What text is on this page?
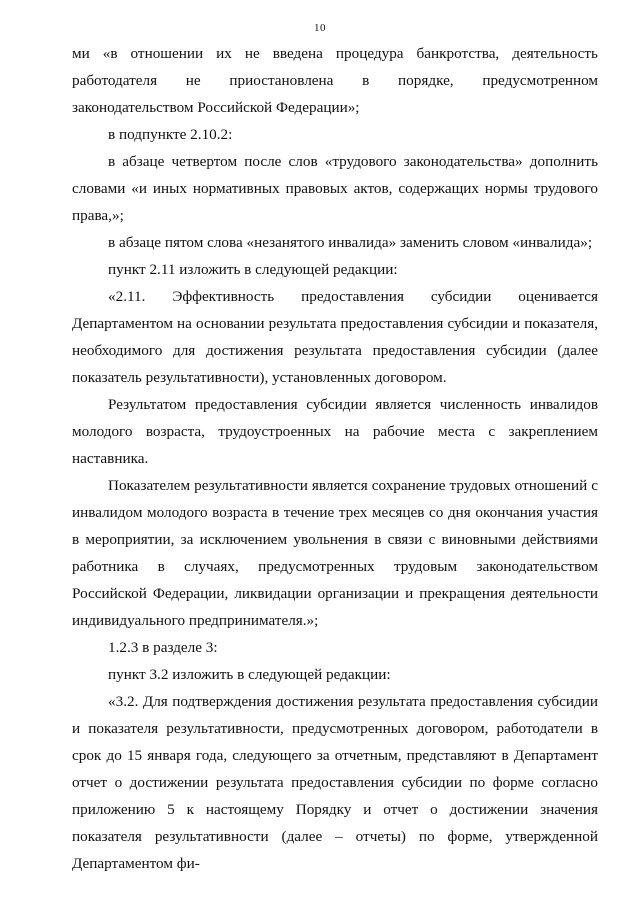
10

ми «в отношении их не введена процедура банкротства, деятельность работодателя не приостановлена в порядке, предусмотренном законодательством Российской Федерации»;

в подпункте 2.10.2:

в абзаце четвертом после слов «трудового законодательства» дополнить словами «и иных нормативных правовых актов, содержащих нормы трудового права,»;

в абзаце пятом слова «незанятого инвалида» заменить словом «инвалида»;

пункт 2.11 изложить в следующей редакции:

«2.11. Эффективность предоставления субсидии оценивается Департаментом на основании результата предоставления субсидии и показателя, необходимого для достижения результата предоставления субсидии (далее показатель результативности), установленных договором.

Результатом предоставления субсидии является численность инвалидов молодого возраста, трудоустроенных на рабочие места с закреплением наставника.

Показателем результативности является сохранение трудовых отношений с инвалидом молодого возраста в течение трех месяцев со дня окончания участия в мероприятии, за исключением увольнения в связи с виновными действиями работника в случаях, предусмотренных трудовым законодательством Российской Федерации, ликвидации организации и прекращения деятельности индивидуального предпринимателя.»;

1.2.3 в разделе 3:

пункт 3.2 изложить в следующей редакции:

«3.2. Для подтверждения достижения результата предоставления субсидии и показателя результативности, предусмотренных договором, работодатели в срок до 15 января года, следующего за отчетным, представляют в Департамент отчет о достижении результата предоставления субсидии по форме согласно приложению 5 к настоящему Порядку и отчет о достижении значения показателя результативности (далее – отчеты) по форме, утвержденной Департаментом фи-
